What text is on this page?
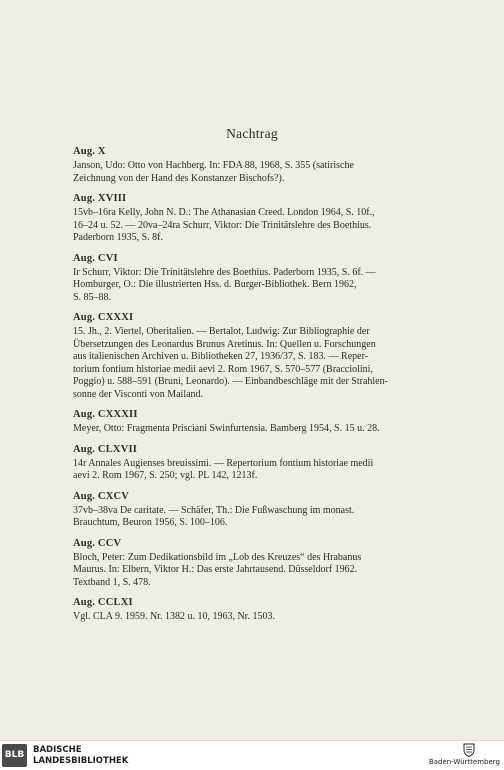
Nachtrag
Aug. X

Janson, Udo: Otto von Hachberg. In: FDA 88, 1968, S. 355 (satirische

Zeichnung von der Hand des Konstanzer Bischofs?).

Aug. XVIII

15vb–16ra Kelly, John N. D.: The Athanasian Creed. London 1964, S. 10f.,

16–24 u. 52. — 20va–24ra Schurr, Viktor: Die Trinitätslehre des Boethius.

Paderborn 1935, S. 8f.

Aug. CVI

Ir Schurr, Viktor: Die Trinitätslehre des Boethius. Paderborn 1935, S. 6f. —

Homburger, O.: Die illustrierten Hss. d. Burger-Bibliothek. Bern 1962,

S. 85–88.

Aug. CXXXI

15. Jh., 2. Viertel, Oberitalien. — Bertalot, Ludwig: Zur Bibliographie der

Übersetzungen des Leonardus Brunus Aretinus. In: Quellen u. Forschungen

aus italienischen Archiven u. Bibliotheken 27, 1936/37, S. 183. — Reper-

torium fontium historiae medii aevi 2. Rom 1967, S. 570–577 (Bracciolini,

Poggio) u. 588–591 (Bruni, Leonardo). — Einbandbeschläge mit der Strahlen-

sonne der Visconti von Mailand.

Aug. CXXXII

Meyer, Otto: Fragmenta Prisciani Swinfurtensia. Bamberg 1954, S. 15 u. 28.

Aug. CLXVII

14r Annales Augienses breuissimi. — Repertorium fontium historiae medii

aevi 2. Rom 1967, S. 250; vgl. PL 142, 1213f.

Aug. CXCV

37vb–38va De caritate. — Schäfer, Th.: Die Fußwaschung im monast.

Brauchtum, Beuron 1956, S. 100–106.

Aug. CCV

Bloch, Peter: Zum Dedikationsbild im „Lob des Kreuzes“ des Hrabanus

Maurus. In: Elbern, Viktor H.: Das erste Jahrtausend. Düsseldorf 1962.

Textband 1, S. 478.

Aug. CCLXI

Vgl. CLA 9. 1959. Nr. 1382 u. 10, 1963, Nr. 1503.

BLB	BADISCHE
LANDESBIBLIOTHEK	Baden-Württemberg
